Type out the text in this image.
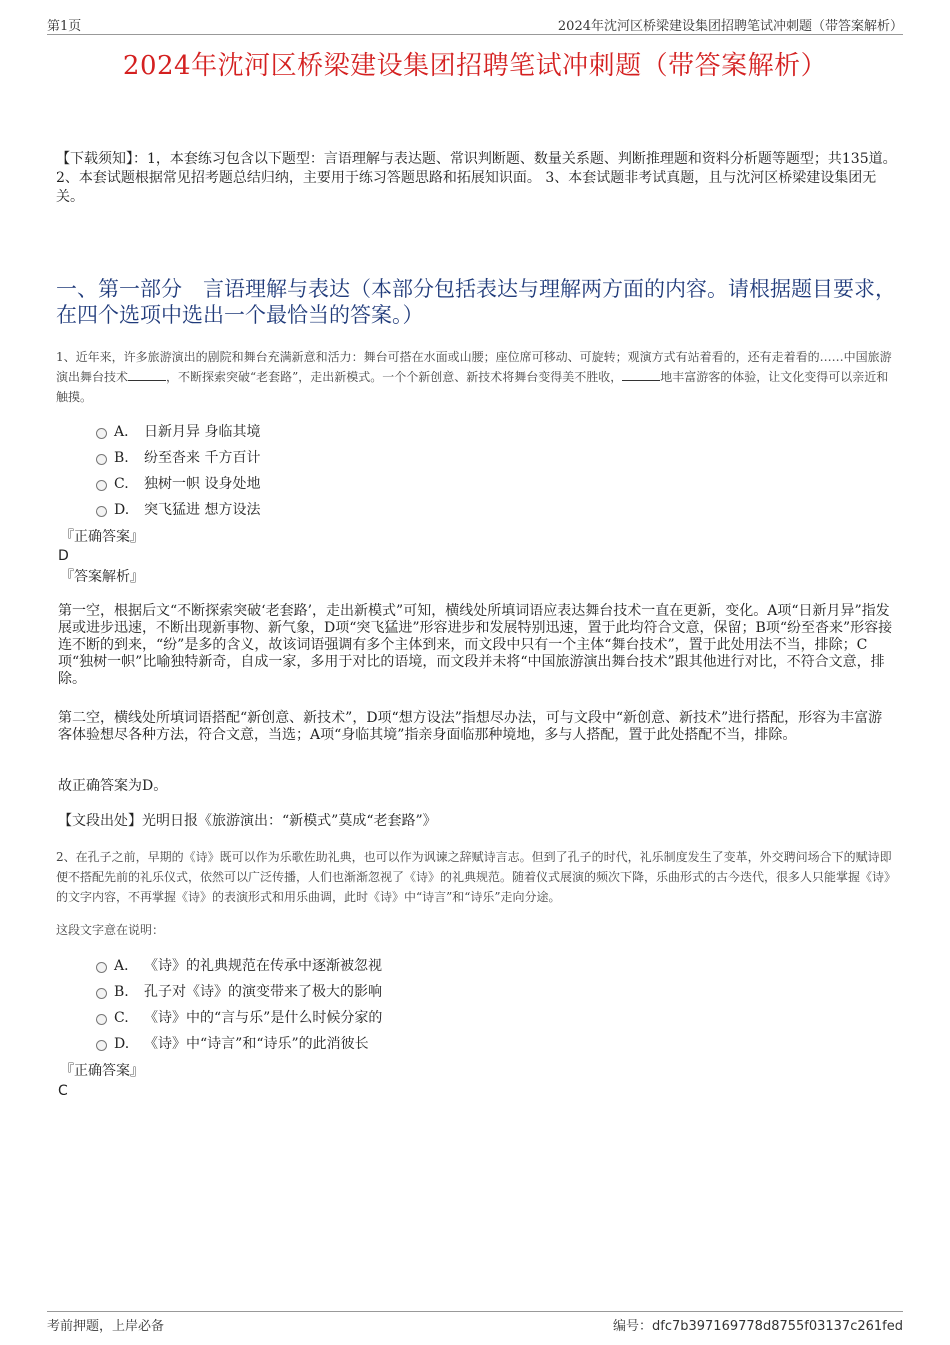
第1页	2024年沈河区桥梁建设集团招聘笔试冲刺题（带答案解析）
2024年沈河区桥梁建设集团招聘笔试冲刺题（带答案解析）
【下载须知】：1，本套练习包含以下题型：言语理解与表达题、常识判断题、数量关系题、判断推理题和资料分析题等题型；共135道。 2、本套试题根据常见招考题总结归纳，主要用于练习答题思路和拓展知识面。 3、本套试题非考试真题，且与沈河区桥梁建设集团无关。
一、第一部分　言语理解与表达（本部分包括表达与理解两方面的内容。请根据题目要求，在四个选项中选出一个最恰当的答案。）
1、近年来，许多旅游演出的剧院和舞台充满新意和活力：舞台可搭在水面或山腰；座位席可移动、可旋转；观演方式有站着看的，还有走着看的……中国旅游演出舞台技术	，不断探索突破“老套路”，走出新模式。一个个新创意、新技术将舞台变得美不胜收，	地丰富游客的体验，让文化变得可以亲近和触摸。
A． 日新月异 身临其境
B. 纷至沓来 千方百计
C. 独树一帜 设身处地
D. 突飞猛进 想方设法
『正确答案』
D
『答案解析』
第一空，根据后文“不断探索突破‘老套路’，走出新模式”可知，横线处所填词语应表达舞台技术一直在更新，变化。A项“日新月异”指发展或进步迅速，不断出现新事物、新气象，D项“突飞猛进”形容进步和发展特别迅速，置于此均符合文意，保留；B项“纷至沓来”形容接连不断的到来，“纷”是多的含义，故该词语强调有多个主体到来，而文段中只有一个主体“舞台技术”，置于此处用法不当，排除；C项“独树一帜”比喻独特新奇，自成一家，多用于对比的语境，而文段并未将“中国旅游演出舞台技术”跟其他进行对比，不符合文意，排除。
第二空，横线处所填词语搭配“新创意、新技术”，D项“想方设法”指想尽办法，可与文段中“新创意、新技术”进行搭配，形容为丰富游客体验想尽各种方法，符合文意，当选；A项“身临其境”指亲身面临那种境地，多与人搭配，置于此处搭配不当，排除。
故正确答案为D。
【文段出处】光明日报《旅游演出：“新模式”莫成“老套路”》
2、在孔子之前，早期的《诗》既可以作为乐歌佐助礼典，也可以作为讽谏之辞赋诗言志。但到了孔子的时代，礼乐制度发生了变革，外交聘问场合下的赋诗即便不搭配先前的礼乐仪式，依然可以广泛传播，人们也渐渐忽视了《诗》的礼典规范。随着仪式展演的频次下降，乐曲形式的古今迭代，很多人只能掌握《诗》的文字内容，不再掌握《诗》的表演形式和用乐曲调，此时《诗》中“诗言”和“诗乐”走向分途。
这段文字意在说明：
A． 《诗》的礼典规范在传承中逐渐被忽视
B. 孔子对《诗》的演变带来了极大的影响
C. 《诗》中的“言与乐”是什么时候分家的
D. 《诗》中“诗言”和“诗乐”的此消彼长
『正确答案』
C
考前押题，上岸必备	编号：dfc7b397169778d8755f03137c261fed
